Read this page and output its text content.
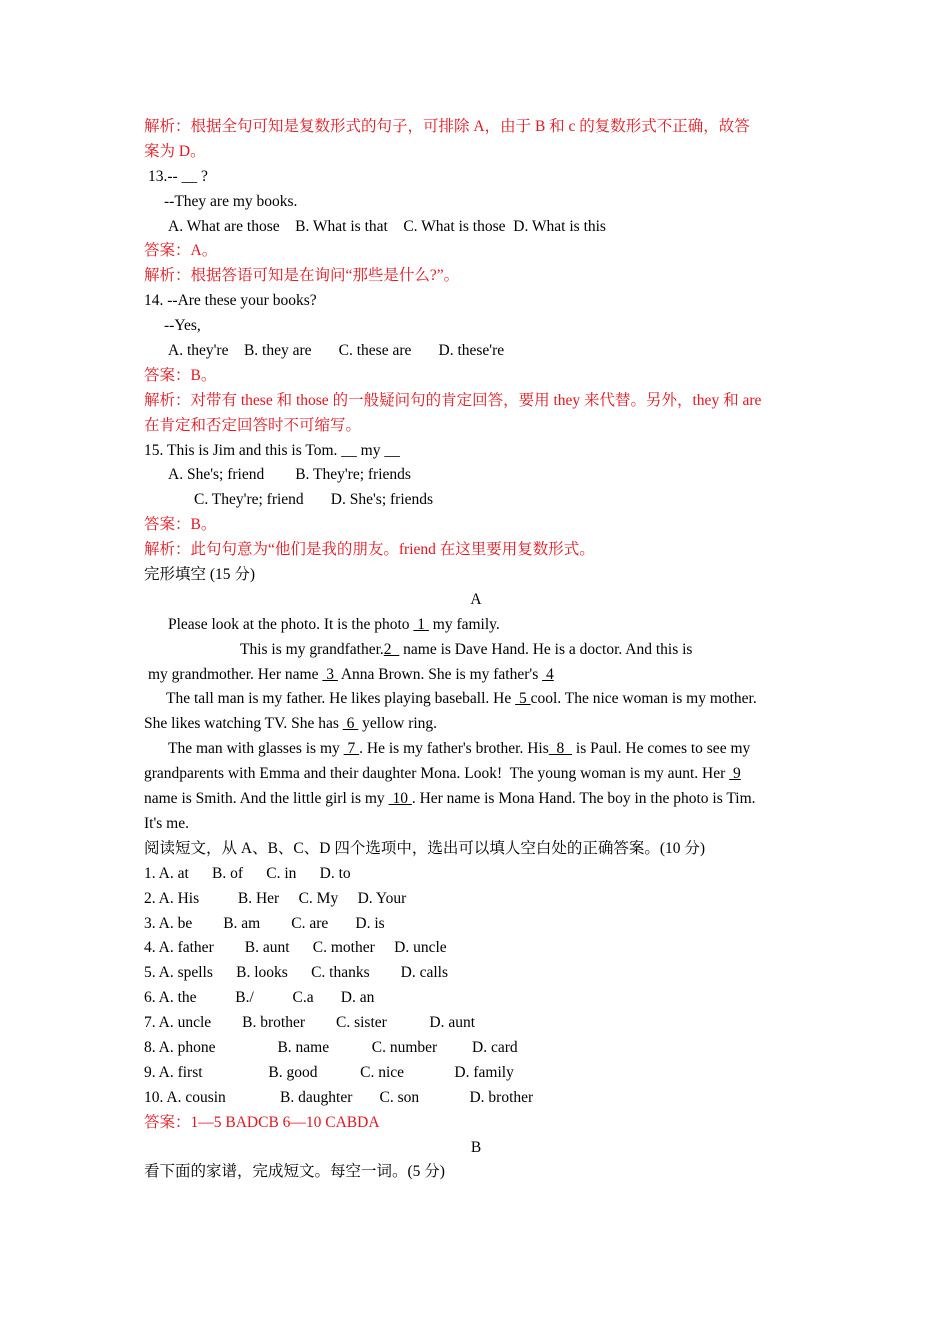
解析：根据全句可知是复数形式的句子，可排除 A，由于 B 和 c 的复数形式不正确，故答
案为 D。
13.-- __ ?
--They are my books.
A. What are those    B. What is that    C. What is those  D. What is this
答案：A。
解析：根据答语可知是在询问“那些是什么?”。
14. --Are these your books?
--Yes,
A. they're    B. they are       C. these are       D. these're
答案：B。
解析：对带有 these 和 those 的一般疑问句的肯定回答，要用 they 来代替。另外，they 和 are
在肯定和否定回答时不可缩写。
15. This is Jim and this is Tom. __ my __
A. She's; friend        B. They're; friends
C. They're; friend       D. She's; friends
答案：B。
解析：此句句意为“他们是我的朋友。friend 在这里要用复数形式。
完形填空 (15 分)
A
Please look at the photo. It is the photo  1  my family.
This is my grandfather.2   name is Dave Hand. He is a doctor. And this is
my grandmother. Her name  3  Anna Brown. She is my father's  4
The tall man is my father. He likes playing baseball. He  5 cool. The nice woman is my mother.
She likes watching TV. She has  6  yellow ring.
The man with glasses is my  7 . He is my father's brother. His  8   is Paul. He comes to see my
grandparents with Emma and their daughter Mona. Look!  The young woman is my aunt. Her  9
name is Smith. And the little girl is my  10 . Her name is Mona Hand. The boy in the photo is Tim.
It's me.
阅读短文，从 A、B、C、D 四个选项中，选出可以填人空白处的正确答案。(10 分)
1. A. at      B. of      C. in      D. to
2. A. His          B. Her     C. My     D. Your
3. A. be        B. am        C. are       D. is
4. A. father        B. aunt      C. mother     D. uncle
5. A. spells      B. looks      C. thanks        D. calls
6. A. the          B./          C.a       D. an
7. A. uncle        B. brother        C. sister           D. aunt
8. A. phone                B. name           C. number         D. card
9. A. first                 B. good           C. nice             D. family
10. A. cousin              B. daughter       C. son             D. brother
答案：1—5 BADCB 6—10 CABDA
B
看下面的家谱，完成短文。每空一词。(5 分)
